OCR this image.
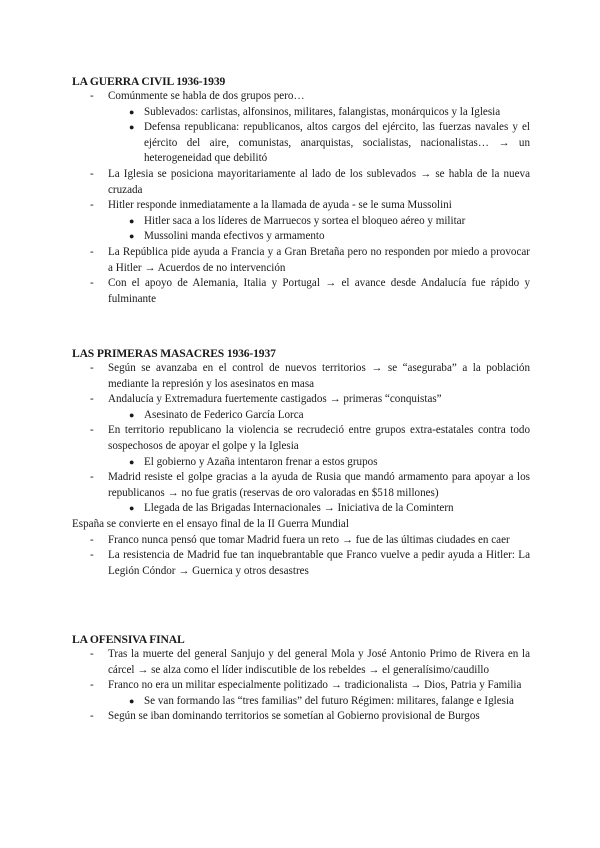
LA GUERRA CIVIL 1936-1939
- Comúnmente se habla de dos grupos pero…
● Sublevados: carlistas, alfonsinos, militares, falangistas, monárquicos y la Iglesia
● Defensa republicana: republicanos, altos cargos del ejército, las fuerzas navales y el ejército del aire, comunistas, anarquistas, socialistas, nacionalistas… → un heterogeneidad que debilitó
- La Iglesia se posiciona mayoritariamente al lado de los sublevados → se habla de la nueva cruzada
- Hitler responde inmediatamente a la llamada de ayuda - se le suma Mussolini
● Hitler saca a los líderes de Marruecos y sortea el bloqueo aéreo y militar
● Mussolini manda efectivos y armamento
- La República pide ayuda a Francia y a Gran Bretaña pero no responden por miedo a provocar a Hitler → Acuerdos de no intervención
- Con el apoyo de Alemania, Italia y Portugal → el avance desde Andalucía fue rápido y fulminante
LAS PRIMERAS MASACRES 1936-1937
- Según se avanzaba en el control de nuevos territorios → se “aseguraba” a la población mediante la represión y los asesinatos en masa
- Andalucía y Extremadura fuertemente castigados → primeras “conquistas”
● Asesinato de Federico García Lorca
- En territorio republicano la violencia se recrudeció entre grupos extra-estatales contra todo sospechosos de apoyar el golpe y la Iglesia
● El gobierno y Azaña intentaron frenar a estos grupos
- Madrid resiste el golpe gracias a la ayuda de Rusia que mandó armamento para apoyar a los republicanos → no fue gratis (reservas de oro valoradas en $518 millones)
● Llegada de las Brigadas Internacionales → Iniciativa de la Comintern

España se convierte en el ensayo final de la II Guerra Mundial

- Franco nunca pensó que tomar Madrid fuera un reto → fue de las últimas ciudades en caer
- La resistencia de Madrid fue tan inquebrantable que Franco vuelve a pedir ayuda a Hitler: La Legión Cóndor → Guernica y otros desastres
LA OFENSIVA FINAL
- Tras la muerte del general Sanjujo y del general Mola y José Antonio Primo de Rivera en la cárcel → se alza como el líder indiscutible de los rebeldes → el generalísimo/caudillo
- Franco no era un militar especialmente politizado → tradicionalista → Dios, Patria y Familia
● Se van formando las “tres familias” del futuro Régimen: militares, falange e Iglesia
- Según se iban dominando territorios se sometían al Gobierno provisional de Burgos
